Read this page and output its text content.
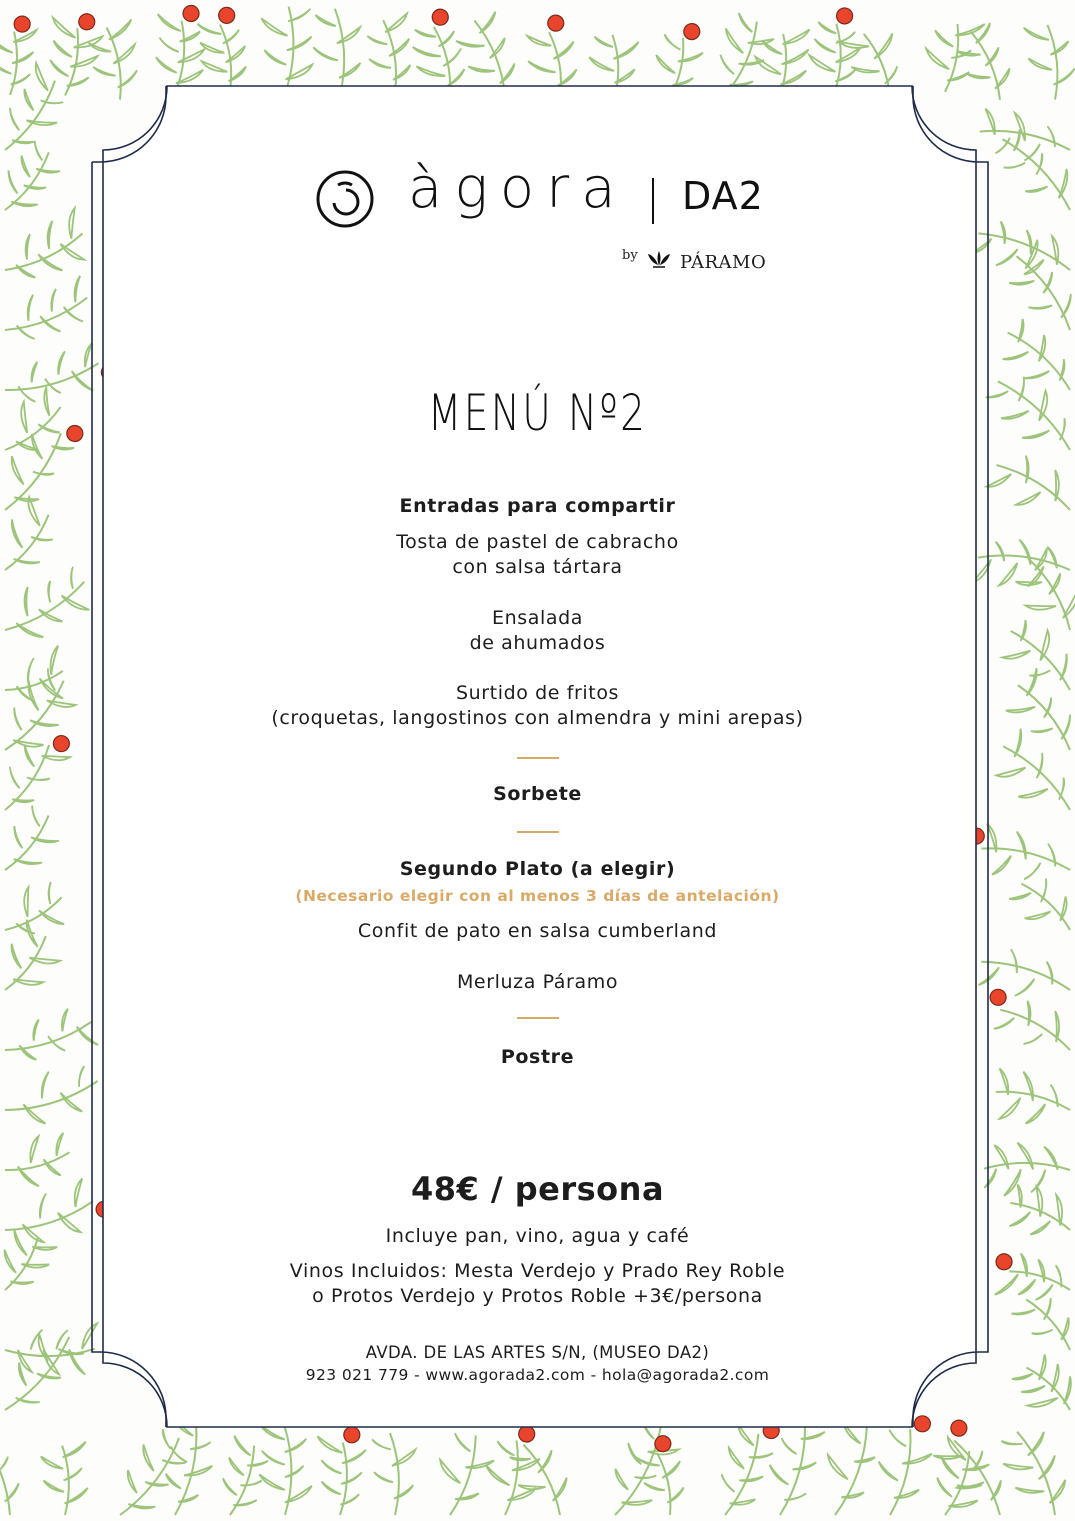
àgora DA2
by PÁRAMO
MENÚ Nº2
Entradas para compartir
Tosta de pastel de cabracho
con salsa tártara
Ensalada
de ahumados
Surtido de fritos
(croquetas, langostinos con almendra y mini arepas)
Sorbete
Segundo Plato (a elegir)
(Necesario elegir con al menos 3 días de antelación)
Confit de pato en salsa cumberland
Merluza Páramo
Postre
48€ / persona
Incluye pan, vino, agua y café
Vinos Incluidos: Mesta Verdejo y Prado Rey Roble
o Protos Verdejo y Protos Roble +3€/persona
AVDA. DE LAS ARTES S/N, (MUSEO DA2)
923 021 779 - www.agorada2.com - hola@agorada2.com
